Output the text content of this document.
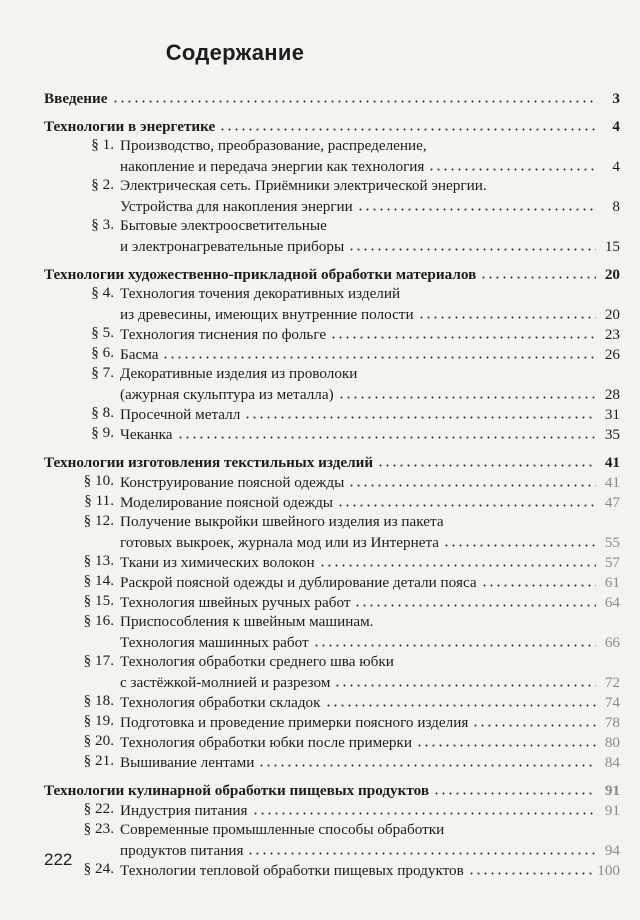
Содержание
Введение	3
Технологии в энергетике	4
§ 1. Производство, преобразование, распределение,
накопление и передача энергии как технология	4
§ 2. Электрическая сеть. Приёмники электрической энергии.
Устройства для накопления энергии	8
§ 3. Бытовые электроосветительные
и электронагревательные приборы	15
Технологии художественно-прикладной обработки материалов	20
§ 4. Технология точения декоративных изделий
из древесины, имеющих внутренние полости	20
§ 5. Технология тиснения по фольге	23
§ 6. Басма	26
§ 7. Декоративные изделия из проволоки
(ажурная скульптура из металла)	28
§ 8. Просечной металл	31
§ 9. Чеканка	35
Технологии изготовления текстильных изделий	41
§ 10. Конструирование поясной одежды	41
§ 11. Моделирование поясной одежды	47
§ 12. Получение выкройки швейного изделия из пакета
готовых выкроек, журнала мод или из Интернета	55
§ 13. Ткани из химических волокон	57
§ 14. Раскрой поясной одежды и дублирование детали пояса	61
§ 15. Технология швейных ручных работ	64
§ 16. Приспособления к швейным машинам.
Технология машинных работ	66
§ 17. Технология обработки среднего шва юбки
с застёжкой-молнией и разрезом	72
§ 18. Технология обработки складок	74
§ 19. Подготовка и проведение примерки поясного изделия	78
§ 20. Технология обработки юбки после примерки	80
§ 21. Вышивание лентами	84
Технологии кулинарной обработки пищевых продуктов	91
§ 22. Индустрия питания	91
§ 23. Современные промышленные способы обработки
продуктов питания	94
§ 24. Технологии тепловой обработки пищевых продуктов	100
222
